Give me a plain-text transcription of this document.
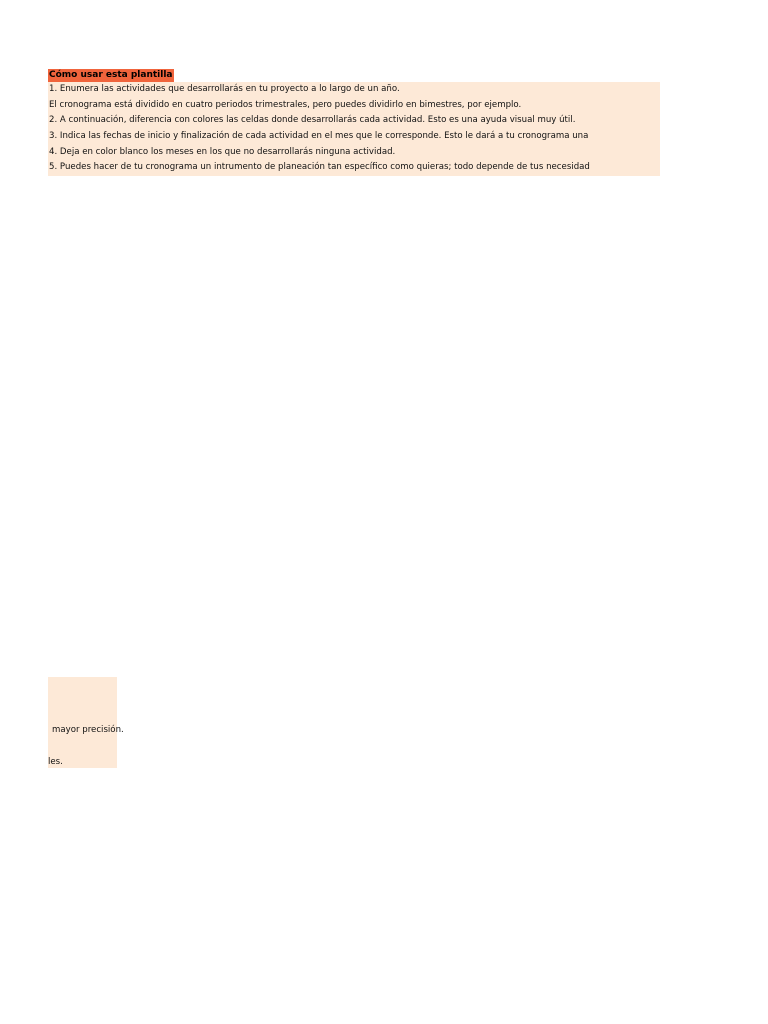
Cómo usar esta plantilla
1. Enumera las actividades que desarrollarás en tu proyecto a lo largo de un año.
El cronograma está dividido en cuatro periodos trimestrales, pero puedes dividirlo en bimestres, por ejemplo.
2. A continuación, diferencia con colores las celdas donde desarrollarás cada actividad. Esto es una ayuda visual muy útil.
3. Indica las fechas de inicio y finalización de cada actividad en el mes que le corresponde. Esto le dará a tu cronograma una
4. Deja en color blanco los meses en los que no desarrollarás ninguna actividad.
5. Puedes hacer de tu cronograma un intrumento de planeación tan específico como quieras; todo depende de tus necesidad
mayor precisión.
les.
